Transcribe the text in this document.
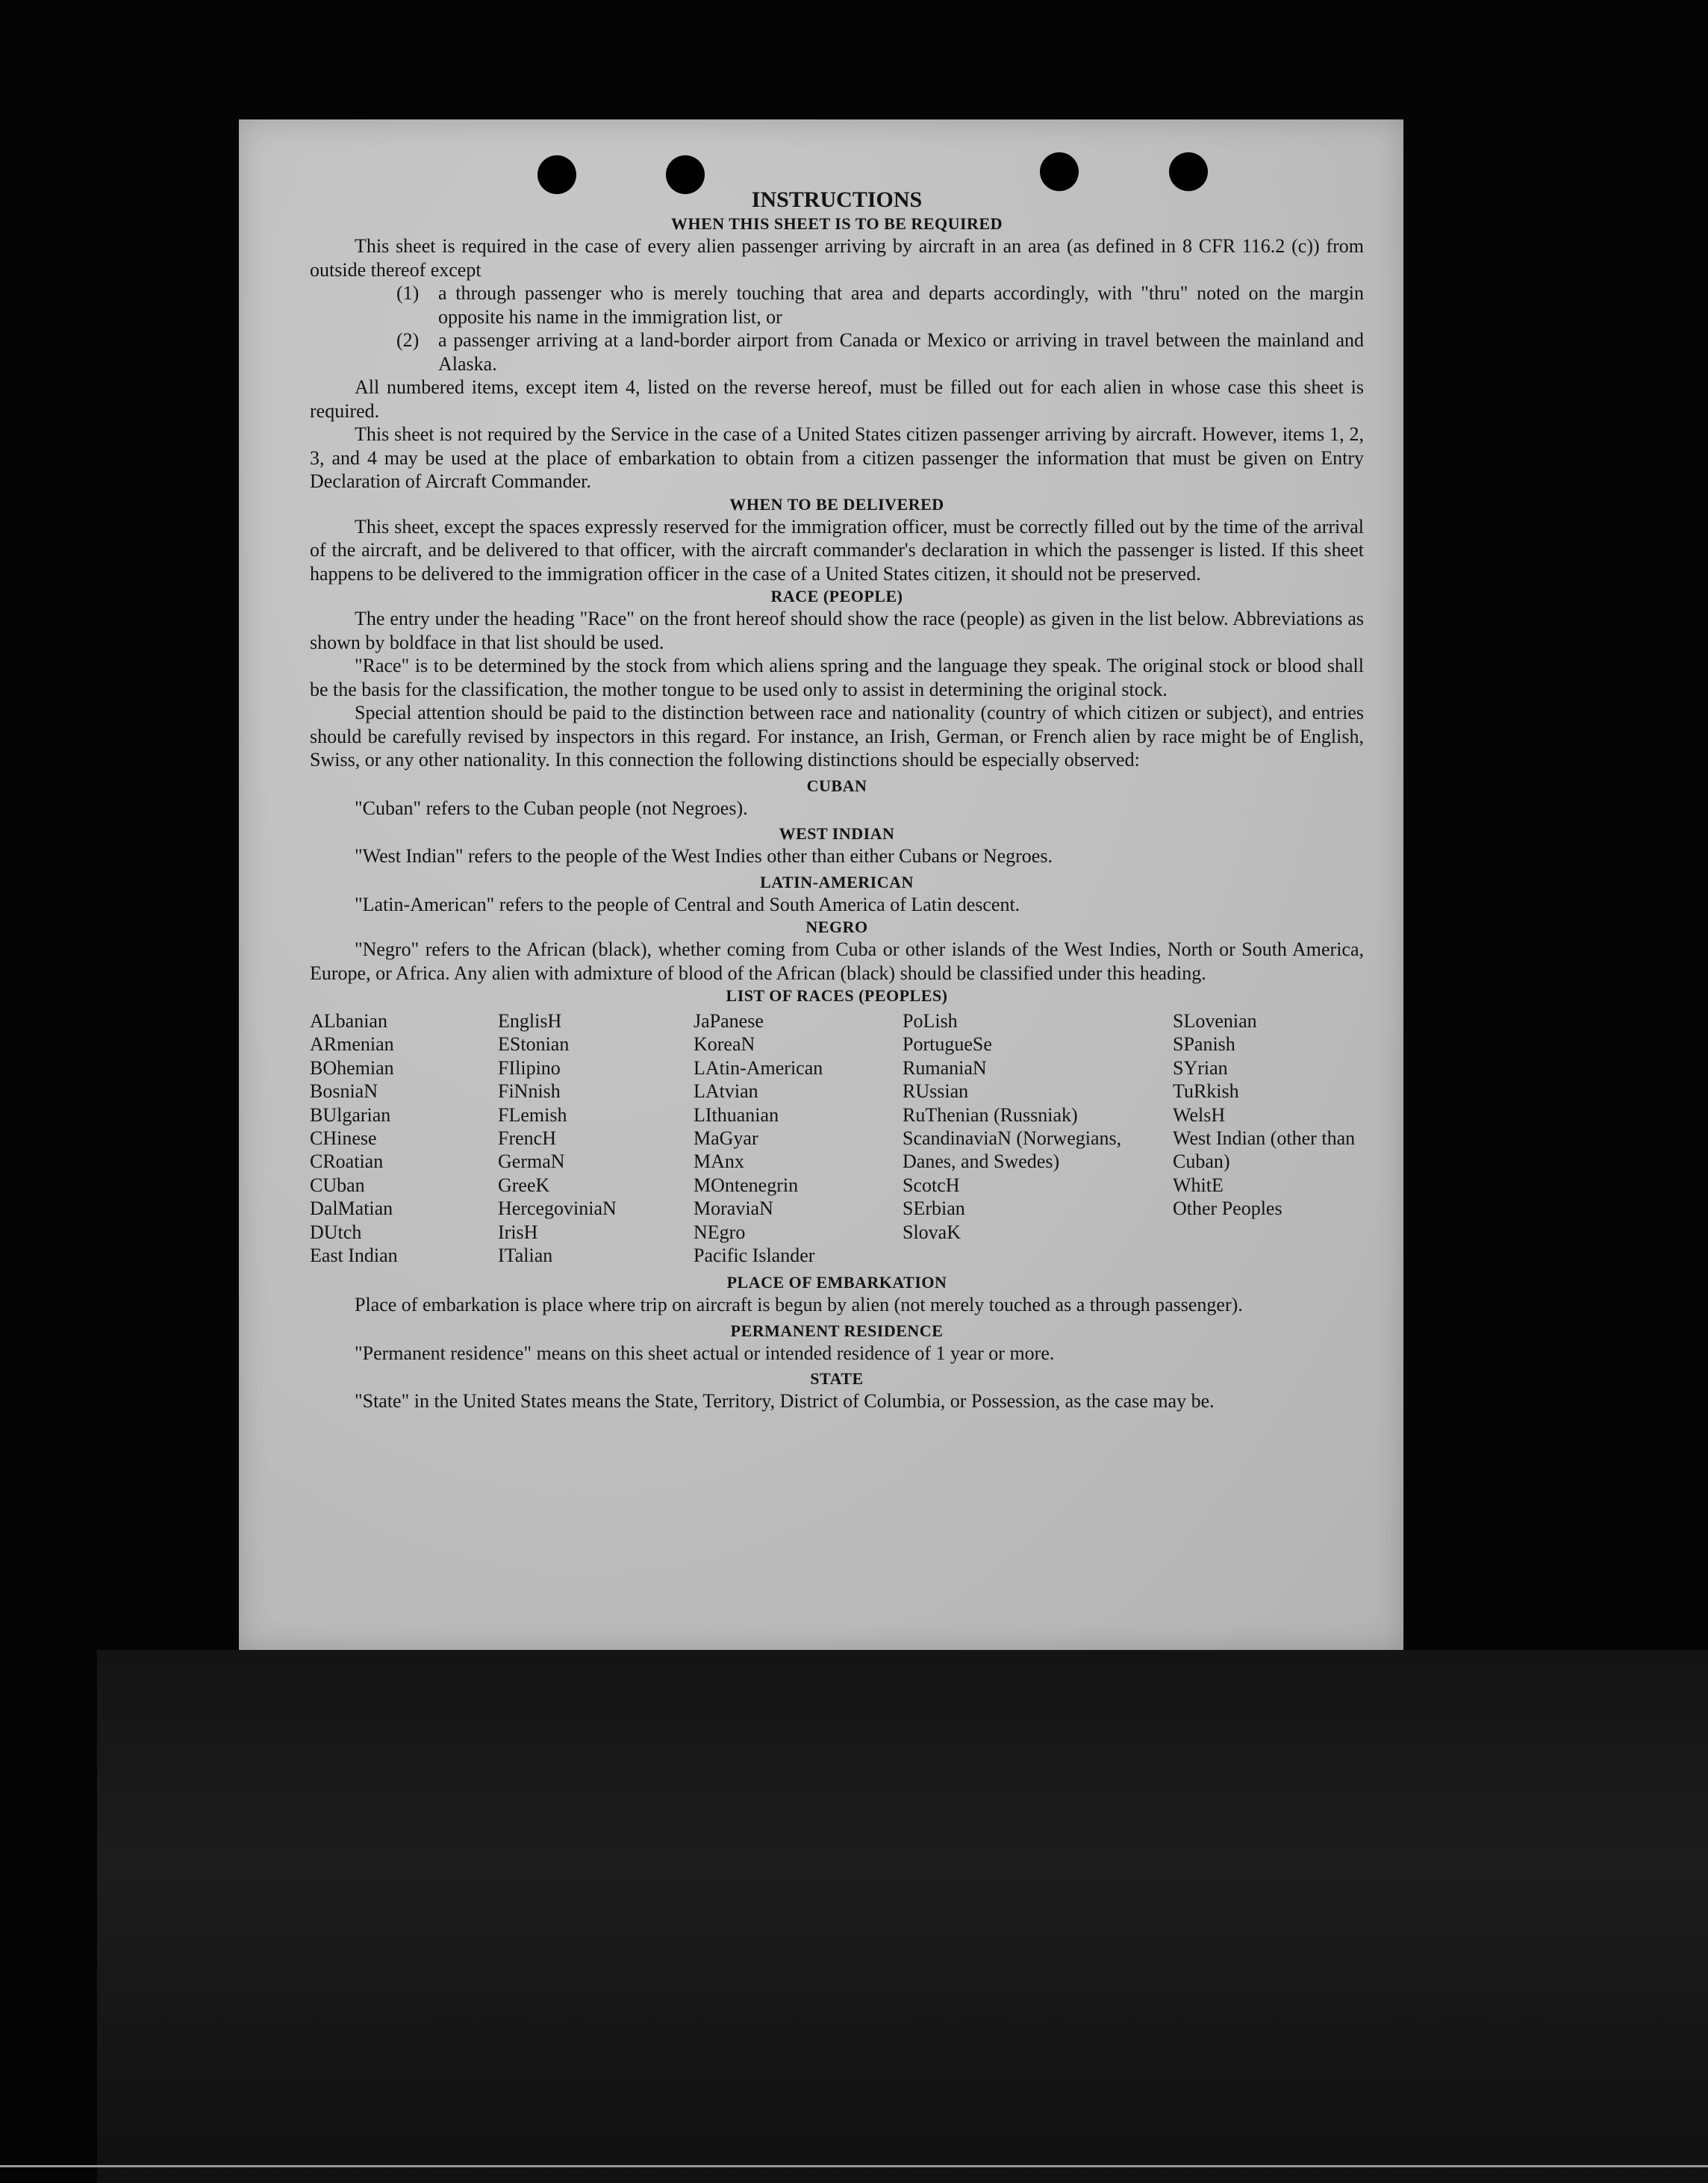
INSTRUCTIONS
WHEN THIS SHEET IS TO BE REQUIRED

This sheet is required in the case of every alien passenger arriving by aircraft in an area (as defined in 8 CFR 116.2 (c)) from outside thereof except

(1) a through passenger who is merely touching that area and departs accordingly, with "thru" noted on the margin opposite his name in the immigration list, or
(2) a passenger arriving at a land-border airport from Canada or Mexico or arriving in travel between the mainland and Alaska.

All numbered items, except item 4, listed on the reverse hereof, must be filled out for each alien in whose case this sheet is required.

This sheet is not required by the Service in the case of a United States citizen passenger arriving by aircraft. However, items 1, 2, 3, and 4 may be used at the place of embarkation to obtain from a citizen passenger the information that must be given on Entry Declaration of Aircraft Commander.

WHEN TO BE DELIVERED

This sheet, except the spaces expressly reserved for the immigration officer, must be correctly filled out by the time of the arrival of the aircraft, and be delivered to that officer, with the aircraft commander's declaration in which the passenger is listed. If this sheet happens to be delivered to the immigration officer in the case of a United States citizen, it should not be preserved.

RACE (PEOPLE)

The entry under the heading "Race" on the front hereof should show the race (people) as given in the list below. Abbreviations as shown by boldface in that list should be used.

"Race" is to be determined by the stock from which aliens spring and the language they speak. The original stock or blood shall be the basis for the classification, the mother tongue to be used only to assist in determining the original stock.

Special attention should be paid to the distinction between race and nationality (country of which citizen or subject), and entries should be carefully revised by inspectors in this regard. For instance, an Irish, German, or French alien by race might be of English, Swiss, or any other nationality. In this connection the following distinctions should be especially observed:

CUBAN

"Cuban" refers to the Cuban people (not Negroes).

WEST INDIAN

"West Indian" refers to the people of the West Indies other than either Cubans or Negroes.

LATIN-AMERICAN

"Latin-American" refers to the people of Central and South America of Latin descent.

NEGRO

"Negro" refers to the African (black), whether coming from Cuba or other islands of the West Indies, North or South America, Europe, or Africa. Any alien with admixture of blood of the African (black) should be classified under this heading.

LIST OF RACES (PEOPLES)
ALbanian
ARmenian
BOhemian
BosniaN
BUlgarian
CHinese
CRoatian
CUban
DalMatian
DUtch
East Indian
EnglisH
EStonian
FIlipino
FiNnish
FLemish
FrencH
GermaN
GreeK
HercegoviniaN
IrisH
ITalian
JaPanese
KoreaN
LAtin-American
LAtvian
LIthuanian
MaGyar
MAnx
MOntenegrin
MoraviaN
NEgro
Pacific Islander
PoLish
PortugueSe
RumaniaN
RUssian
RuThenian (Russniak)
ScandinaviaN (Norwegians, Danes, and Swedes)
ScotcH
SErbian
SlovaK
SLovenian
SPanish
SYrian
TuRkish
WelsH
West Indian (other than Cuban)
WhitE
Other Peoples
PLACE OF EMBARKATION

Place of embarkation is place where trip on aircraft is begun by alien (not merely touched as a through passenger).

PERMANENT RESIDENCE

"Permanent residence" means on this sheet actual or intended residence of 1 year or more.

STATE

"State" in the United States means the State, Territory, District of Columbia, or Possession, as the case may be.
